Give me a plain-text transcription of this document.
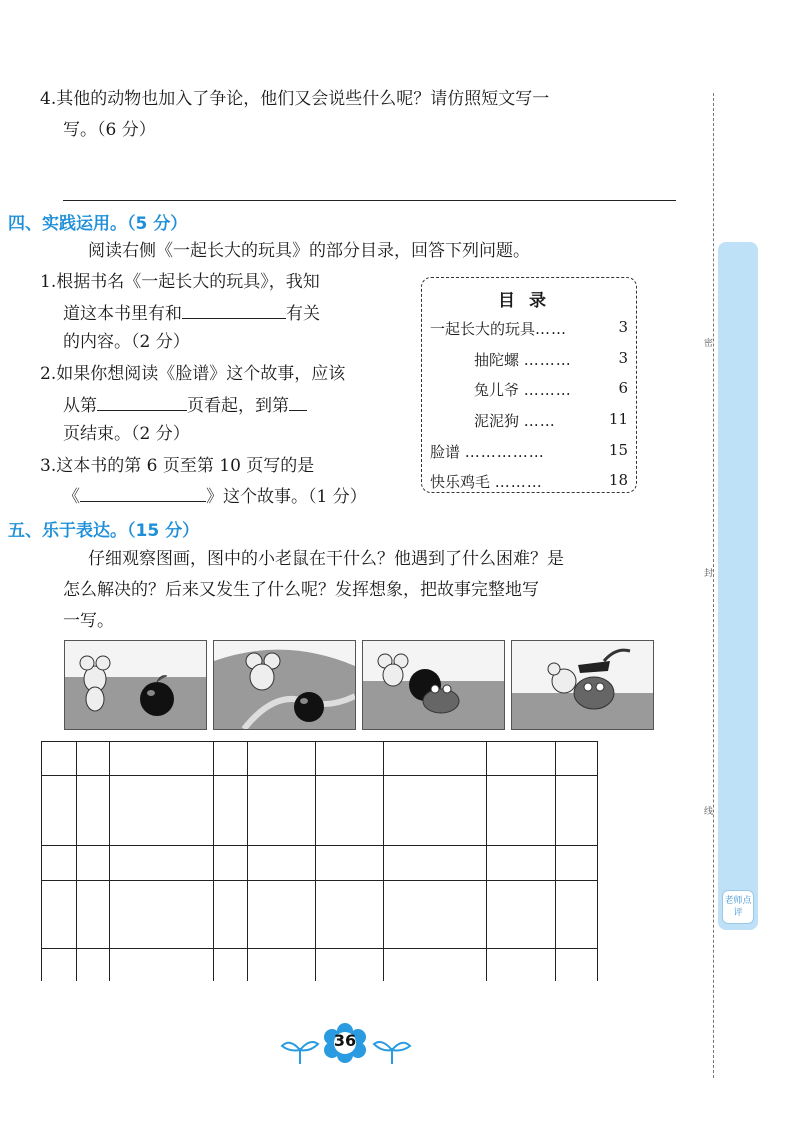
4.其他的动物也加入了争论，他们又会说些什么呢？请仿照短文写一
写。（6 分）
四、实践运用。（5 分）
阅读右侧《一起长大的玩具》的部分目录，回答下列问题。
1.根据书名《一起长大的玩具》，我知
道这本书里有和	有关
的内容。（2 分）
2.如果你想阅读《脸谱》这个故事，应该
从第	页看起，到第
页结束。（2 分）
3.这本书的第 6 页至第 10 页写的是
《	》这个故事。（1 分）
目录
一起长大的玩具……	3
抽陀螺 ………	3
兔儿爷 ………	6
泥泥狗 ……	11
脸谱 ……………	15
快乐鸡毛 ………	18
五、乐于表达。（15 分）
仔细观察图画，图中的小老鼠在干什么？他遇到了什么困难？是
怎么解决的？后来又发生了什么呢？发挥想象，把故事完整地写
一写。
密
封
线
老师点评
36
